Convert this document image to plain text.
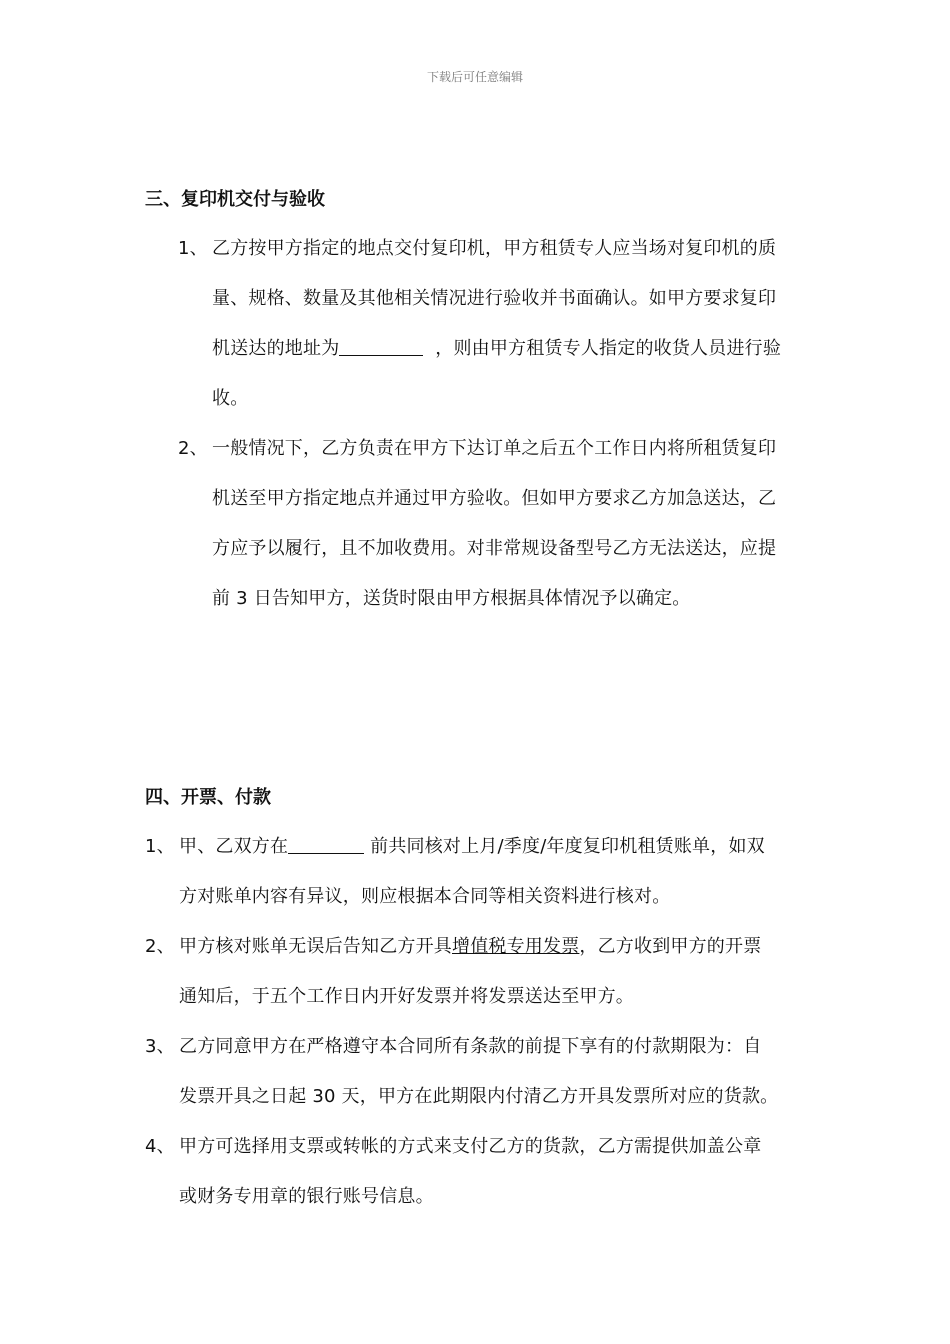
下载后可任意编辑
三、复印机交付与验收
1、 乙方按甲方指定的地点交付复印机，甲方租赁专人应当场对复印机的质
量、规格、数量及其他相关情况进行验收并书面确认。如甲方要求复印
机送达的地址为	，则由甲方租赁专人指定的收货人员进行验
收。
2、 一般情况下，乙方负责在甲方下达订单之后五个工作日内将所租赁复印
机送至甲方指定地点并通过甲方验收。但如甲方要求乙方加急送达，乙
方应予以履行，且不加收费用。对非常规设备型号乙方无法送达，应提
前 3 日告知甲方，送货时限由甲方根据具体情况予以确定。
四、开票、付款
1、 甲、乙双方在	前共同核对上月/季度/年度复印机租赁账单，如双
方对账单内容有异议，则应根据本合同等相关资料进行核对。
2、 甲方核对账单无误后告知乙方开具增值税专用发票，乙方收到甲方的开票
通知后，于五个工作日内开好发票并将发票送达至甲方。
3、 乙方同意甲方在严格遵守本合同所有条款的前提下享有的付款期限为：自
发票开具之日起 30 天，甲方在此期限内付清乙方开具发票所对应的货款。
4、 甲方可选择用支票或转帐的方式来支付乙方的货款，乙方需提供加盖公章
或财务专用章的银行账号信息。
